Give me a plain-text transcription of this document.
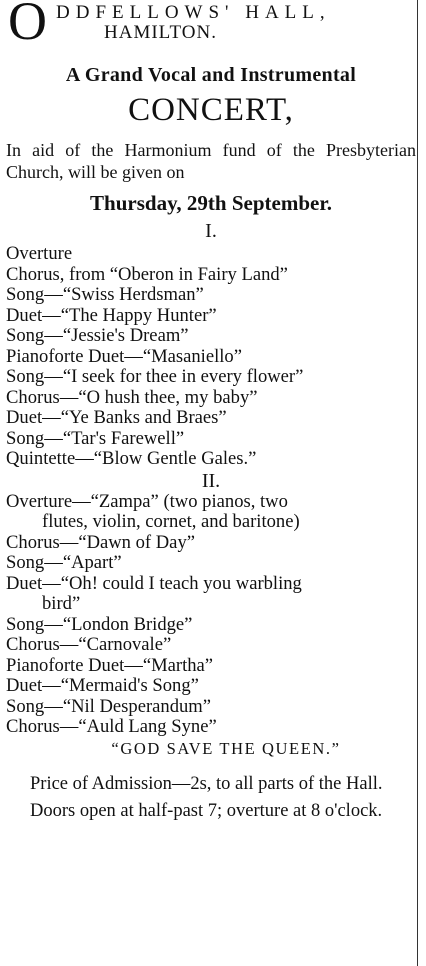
O DDFELLOWS' HALL,
HAMILTON.
A Grand Vocal and Instrumental
CONCERT,
In aid of the Harmonium fund of the Presbyterian Church, will be given on
Thursday, 29th September.
I.
Overture
Chorus, from “Oberon in Fairy Land”
Song—“Swiss Herdsman”
Duet—“The Happy Hunter”
Song—“Jessie's Dream”
Pianoforte Duet—“Masaniello”
Song—“I seek for thee in every flower”
Chorus—“O hush thee, my baby”
Duet—“Ye Banks and Braes”
Song—“Tar's Farewell”
Quintette—“Blow Gentle Gales.”
II.
Overture—“Zampa” (two pianos, two
flutes, violin, cornet, and baritone)
Chorus—“Dawn of Day”
Song—“Apart”
Duet—“Oh! could I teach you warbling
bird”
Song—“London Bridge”
Chorus—“Carnovale”
Pianoforte Duet—“Martha”
Duet—“Mermaid's Song”
Song—“Nil Desperandum”
Chorus—“Auld Lang Syne”
“GOD SAVE THE QUEEN.”
Price of Admission—2s, to all parts of the Hall.
Doors open at half-past 7; overture at 8 o'clock.
